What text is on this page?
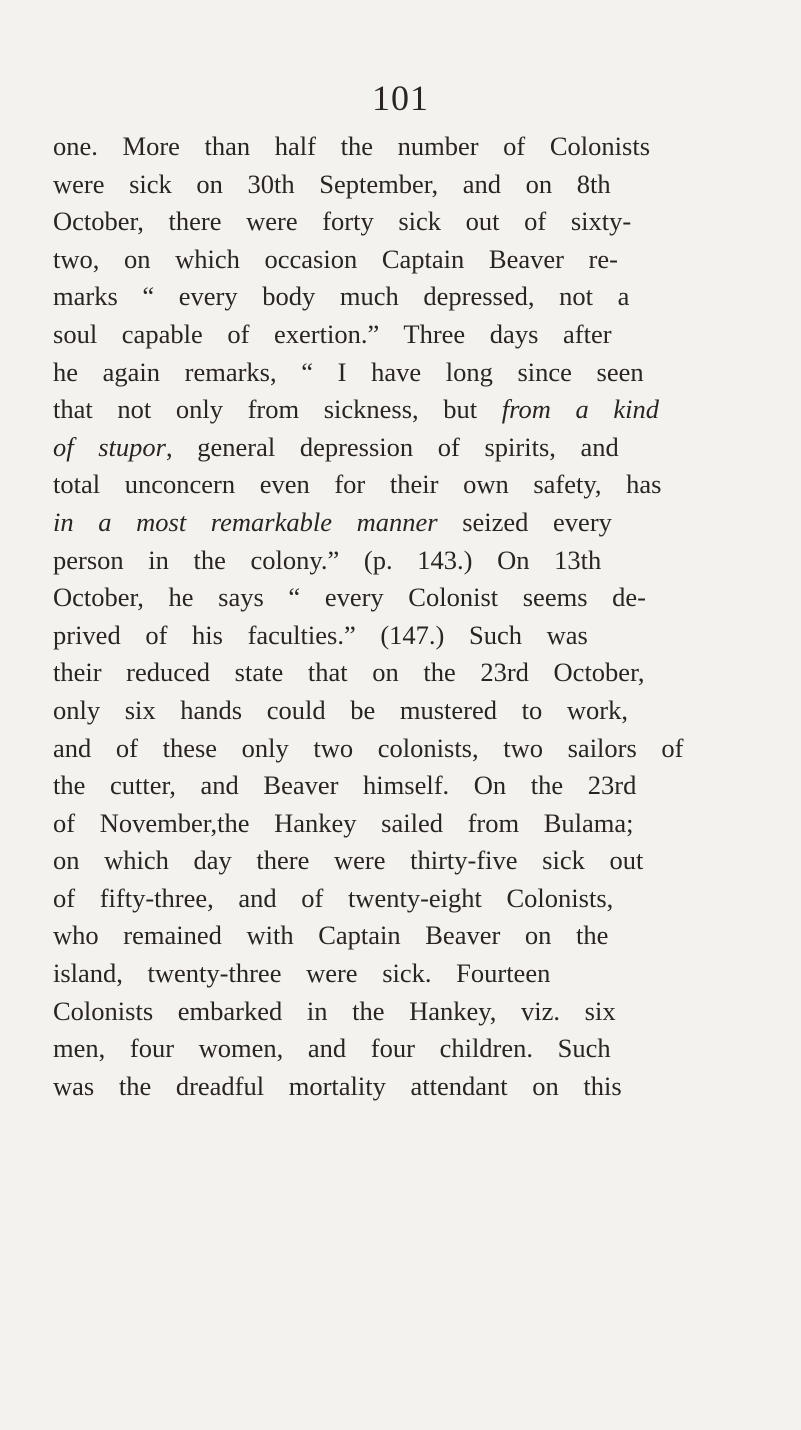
101
one. More than half the number of Colonists
were sick on 30th September, and on 8th
October, there were forty sick out of sixty-
two, on which occasion Captain Beaver re-
marks “ every body much depressed, not a
soul capable of exertion.” Three days after
he again remarks, “ I have long since seen
that not only from sickness, but from a kind
of stupor, general depression of spirits, and
total unconcern even for their own safety, has
in a most remarkable manner seized every
person in the colony.” (p. 143.) On 13th
October, he says “ every Colonist seems de-
prived of his faculties.” (147.) Such was
their reduced state that on the 23rd October,
only six hands could be mustered to work,
and of these only two colonists, two sailors of
the cutter, and Beaver himself. On the 23rd
of November,the Hankey sailed from Bulama;
on which day there were thirty-five sick out
of fifty-three, and of twenty-eight Colonists,
who remained with Captain Beaver on the
island, twenty-three were sick. Fourteen
Colonists embarked in the Hankey, viz. six
men, four women, and four children. Such
was the dreadful mortality attendant on this
